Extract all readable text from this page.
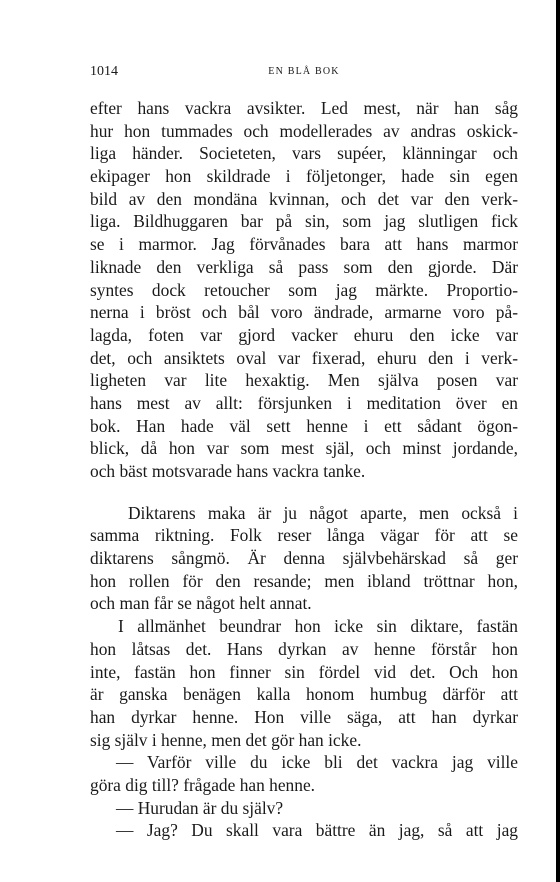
1014	EN BLÅ BOK
efter hans vackra avsikter. Led mest, när han såg
hur hon tummades och modellerades av andras oskick-
liga händer. Societeten, vars supéer, klänningar och
ekipager hon skildrade i följetonger, hade sin egen
bild av den mondäna kvinnan, och det var den verk-
liga. Bildhuggaren bar på sin, som jag slutligen fick
se i marmor. Jag förvånades bara att hans marmor
liknade den verkliga så pass som den gjorde. Där
syntes dock retoucher som jag märkte. Proportio-
nerna i bröst och bål voro ändrade, armarne voro på-
lagda, foten var gjord vacker ehuru den icke var
det, och ansiktets oval var fixerad, ehuru den i verk-
ligheten var lite hexaktig. Men själva posen var
hans mest av allt: försjunken i meditation över en
bok. Han hade väl sett henne i ett sådant ögon-
blick, då hon var som mest själ, och minst jordande,
och bäst motsvarade hans vackra tanke.
Diktarens maka är ju något aparte, men också i
samma riktning. Folk reser långa vägar för att se
diktarens sångmö. Är denna självbehärskad så ger
hon rollen för den resande; men ibland tröttnar hon,
och man får se något helt annat.
I allmänhet beundrar hon icke sin diktare, fastän
hon låtsas det. Hans dyrkan av henne förstår hon
inte, fastän hon finner sin fördel vid det. Och hon
är ganska benägen kalla honom humbug därför att
han dyrkar henne. Hon ville säga, att han dyrkar
sig själv i henne, men det gör han icke.
— Varför ville du icke bli det vackra jag ville
göra dig till? frågade han henne.
— Hurudan är du själv?
— Jag? Du skall vara bättre än jag, så att jag
